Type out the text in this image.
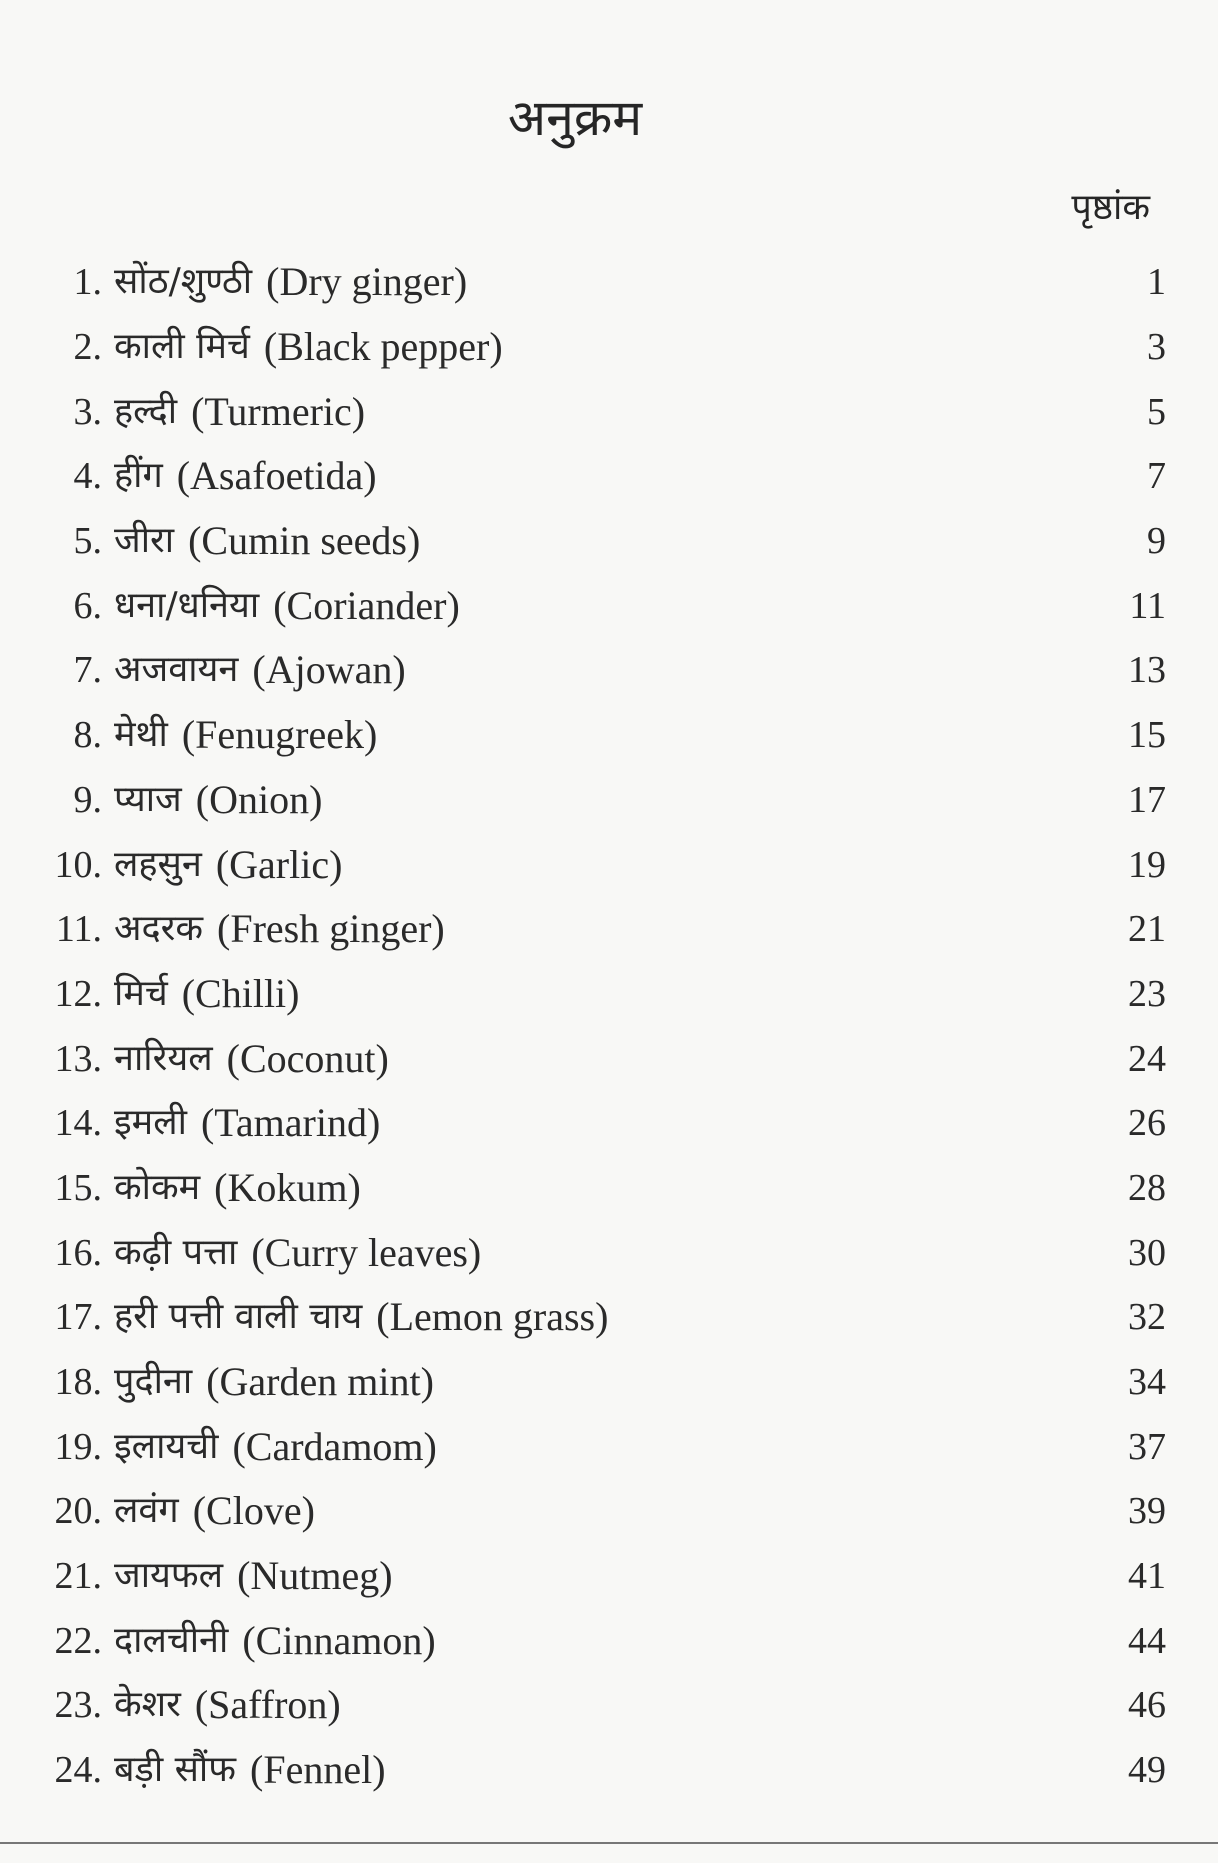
अनुक्रम
पृष्ठांक
1. सोंठ/शुण्ठी (Dry ginger)	1
2. काली मिर्च (Black pepper)	3
3. हल्दी (Turmeric)	5
4. हींग (Asafoetida)	7
5. जीरा (Cumin seeds)	9
6. धना/धनिया (Coriander)	11
7. अजवायन (Ajowan)	13
8. मेथी (Fenugreek)	15
9. प्याज (Onion)	17
10. लहसुन (Garlic)	19
11. अदरक (Fresh ginger)	21
12. मिर्च (Chilli)	23
13. नारियल (Coconut)	24
14. इमली (Tamarind)	26
15. कोकम (Kokum)	28
16. कढ़ी पत्ता (Curry leaves)	30
17. हरी पत्ती वाली चाय (Lemon grass)	32
18. पुदीना (Garden mint)	34
19. इलायची (Cardamom)	37
20. लवंग (Clove)	39
21. जायफल (Nutmeg)	41
22. दालचीनी (Cinnamon)	44
23. केशर (Saffron)	46
24. बड़ी सौंफ (Fennel)	49
